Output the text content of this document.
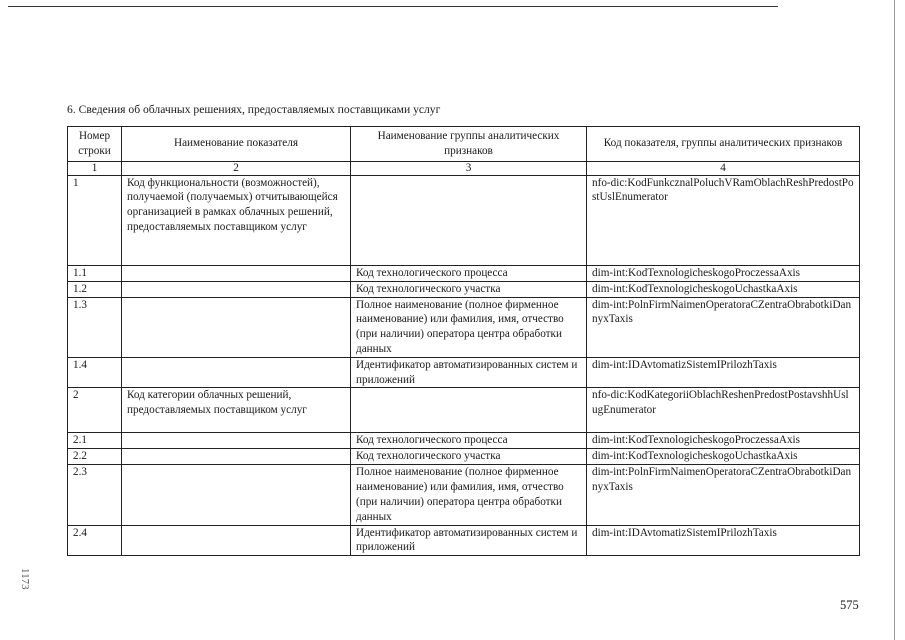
6. Сведения об облачных решениях, предоставляемых поставщиками услуг
Номер строки	Наименование показателя	Наименование группы аналитических признаков	Код показателя, группы аналитических признаков
1	2	3	4
1	Код функциональности (возможностей), получаемой (получаемых) отчитывающейся организацией в рамках облачных решений, предоставляемых поставщиком услуг		nfo-dic:KodFunkcznalPoluchVRamOblachReshPredostPostUslEnumerator
1.1		Код технологического процесса	dim-int:KodTexnologicheskogoProczessaAxis
1.2		Код технологического участка	dim-int:KodTexnologicheskogoUchastkaAxis
1.3		Полное наименование (полное фирменное наименование) или фамилия, имя, отчество (при наличии) оператора центра обработки данных	dim-int:PolnFirmNaimenOperatoraCZentraObrabotkiDannyxTaxis
1.4		Идентификатор автоматизированных систем и приложений	dim-int:IDAvtomatizSistemIPrilozhTaxis
2	Код категории облачных решений, предоставляемых поставщиком услуг		nfo-dic:KodKategoriiOblachReshenPredostPostavshhUslugEnumerator
2.1		Код технологического процесса	dim-int:KodTexnologicheskogoProczessaAxis
2.2		Код технологического участка	dim-int:KodTexnologicheskogoUchastkaAxis
2.3		Полное наименование (полное фирменное наименование) или фамилия, имя, отчество (при наличии) оператора центра обработки данных	dim-int:PolnFirmNaimenOperatoraCZentraObrabotkiDannyxTaxis
2.4		Идентификатор автоматизированных систем и приложений	dim-int:IDAvtomatizSistemIPrilozhTaxis
575
1173
